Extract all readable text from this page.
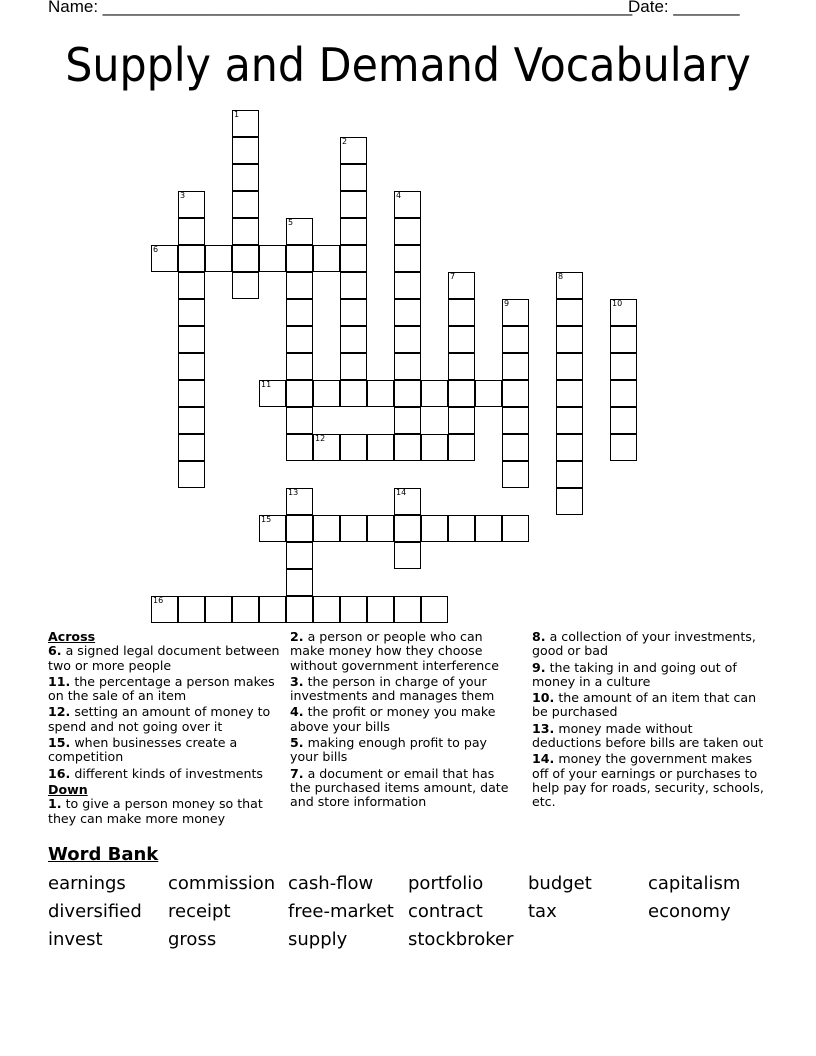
Name: ________________________________________________________
Date: _______
Supply and Demand Vocabulary
1
2
3	4
5
6
7	8
9	10
11
12
13	14
15
16
Across
6. a signed legal document between two or more people
11. the percentage a person makes on the sale of an item
12. setting an amount of money to spend and not going over it
15. when businesses create a competition
16. different kinds of investments
Down
1. to give a person money so that they can make more money
2. a person or people who can make money how they choose without government interference
3. the person in charge of your investments and manages them
4. the profit or money you make above your bills
5. making enough profit to pay your bills
7. a document or email that has the purchased items amount, date and store information
8. a collection of your investments, good or bad
9. the taking in and going out of money in a culture
10. the amount of an item that can be purchased
13. money made without deductions before bills are taken out
14. money the government makes off of your earnings or purchases to help pay for roads, security, schools, etc.
Word Bank
earnings commission cash-flow portfolio budget	capitalism
diversified receipt	free-market contract	tax	economy
invest	gross	supply	stockbroker
